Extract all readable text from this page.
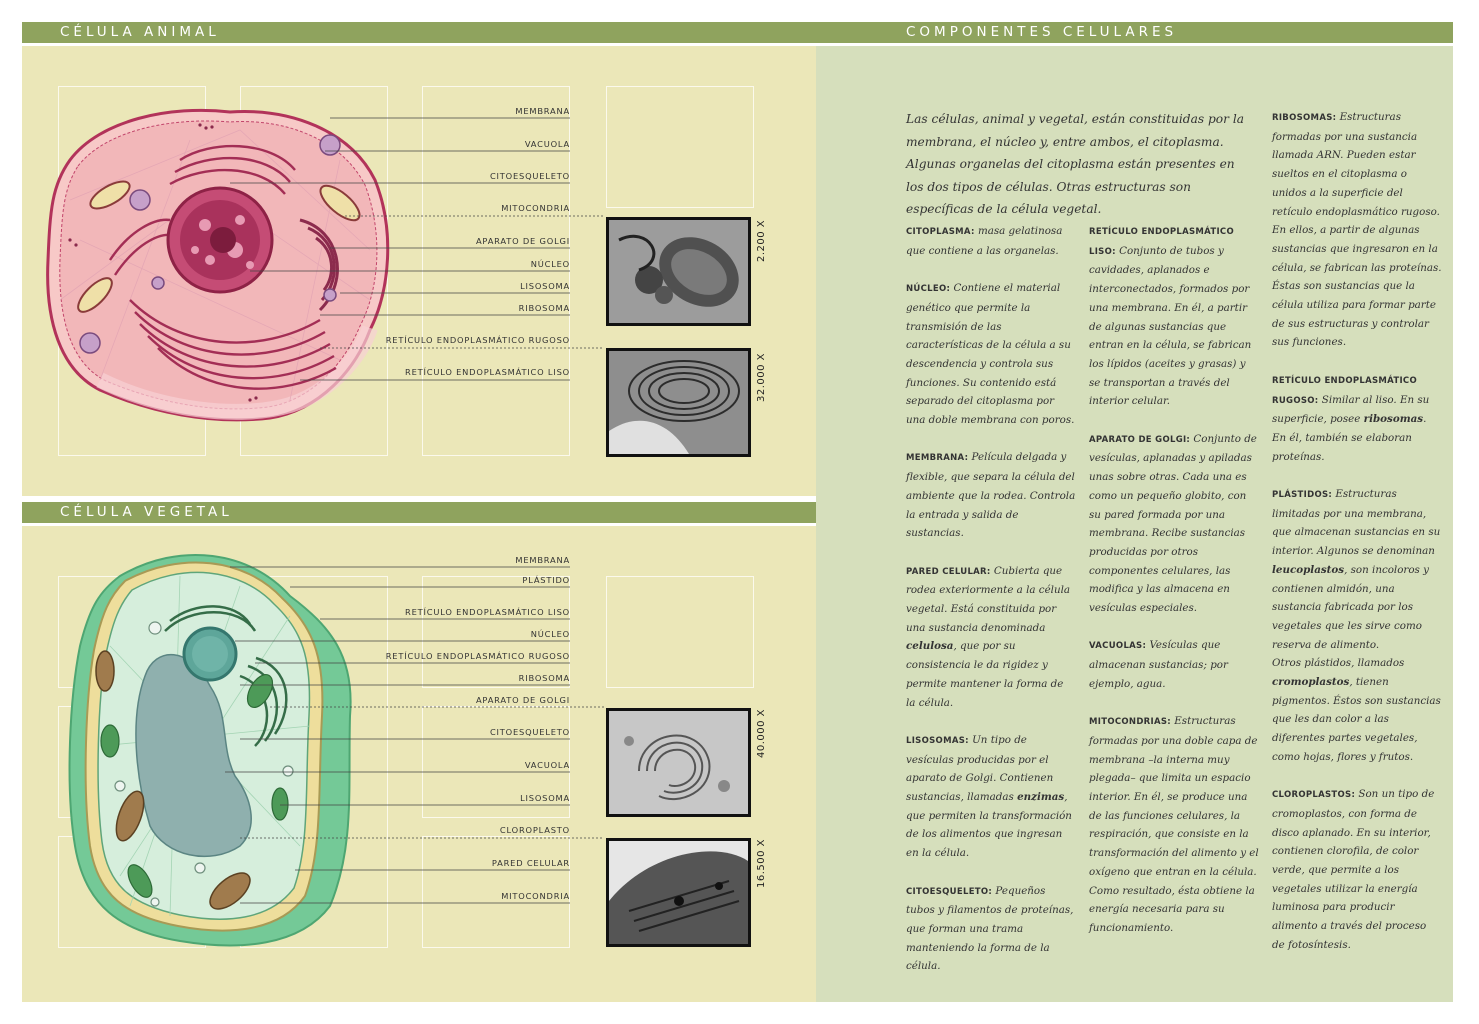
CÉLULA ANIMAL	COMPONENTES CELULARES
CÉLULA VEGETAL
MEMBRANA
VACUOLA
CITOESQUELETO
MITOCONDRIA
APARATO DE GOLGI
NÚCLEO
LISOSOMA
RIBOSOMA
RETÍCULO ENDOPLASMÁTICO RUGOSO
RETÍCULO ENDOPLASMÁTICO LISO
2.200 X
32.000 X
MEMBRANA
PLÁSTIDO
RETÍCULO ENDOPLASMÁTICO LISO
NÚCLEO
RETÍCULO ENDOPLASMÁTICO RUGOSO
RIBOSOMA
APARATO DE GOLGI
CITOESQUELETO
VACUOLA
LISOSOMA
CLOROPLASTO
PARED CELULAR
MITOCONDRIA
40.000 X
16.500 X
Las células, animal y vegetal, están constituidas por la membrana, el núcleo y, entre ambos, el citoplasma. Algunas organelas del citoplasma están presentes en los dos tipos de células. Otras estructuras son específicas de la célula vegetal.

CITOPLASMA: masa gelatinosa que contiene a las organelas.

NÚCLEO: Contiene el material genético que permite la transmisión de las características de la célula a su descendencia y controla sus funciones. Su contenido está separado del citoplasma por una doble membrana con poros.

MEMBRANA: Película delgada y flexible, que separa la célula del ambiente que la rodea. Controla la entrada y salida de sustancias.

PARED CELULAR: Cubierta que rodea exteriormente a la célula vegetal. Está constituida por una sustancia denominada celulosa, que por su consistencia le da rigidez y permite mantener la forma de la célula.

LISOSOMAS: Un tipo de vesículas producidas por el aparato de Golgi. Contienen sustancias, llamadas enzimas, que permiten la transformación de los alimentos que ingresan en la célula.

CITOESQUELETO: Pequeños tubos y filamentos de proteínas, que forman una trama manteniendo la forma de la célula.

RETÍCULO ENDOPLASMÁTICO LISO: Conjunto de tubos y cavidades, aplanados e interconectados, formados por una membrana. En él, a partir de algunas sustancias que entran en la célula, se fabrican los lípidos (aceites y grasas) y se transportan a través del interior celular.

APARATO DE GOLGI: Conjunto de vesículas, aplanadas y apiladas unas sobre otras. Cada una es como un pequeño globito, con su pared formada por una membrana. Recibe sustancias producidas por otros componentes celulares, las modifica y las almacena en vesículas especiales.

VACUOLAS: Vesículas que almacenan sustancias; por ejemplo, agua.

MITOCONDRIAS: Estructuras formadas por una doble capa de membrana –la interna muy plegada– que limita un espacio interior. En él, se produce una de las funciones celulares, la respiración, que consiste en la transformación del alimento y el oxígeno que entran en la célula. Como resultado, ésta obtiene la energía necesaria para su funcionamiento.

RIBOSOMAS: Estructuras formadas por una sustancia llamada ARN. Pueden estar sueltos en el citoplasma o unidos a la superficie del retículo endoplasmático rugoso. En ellos, a partir de algunas sustancias que ingresaron en la célula, se fabrican las proteínas. Éstas son sustancias que la célula utiliza para formar parte de sus estructuras y controlar sus funciones.

RETÍCULO ENDOPLASMÁTICO RUGOSO: Similar al liso. En su superficie, posee ribosomas. En él, también se elaboran proteínas.

PLÁSTIDOS: Estructuras limitadas por una membrana, que almacenan sustancias en su interior. Algunos se denominan leucoplastos, son incoloros y contienen almidón, una sustancia fabricada por los vegetales que les sirve como reserva de alimento.
Otros plástidos, llamados cromoplastos, tienen pigmentos. Éstos son sustancias que les dan color a las diferentes partes vegetales, como hojas, flores y frutos.

CLOROPLASTOS: Son un tipo de cromoplastos, con forma de disco aplanado. En su interior, contienen clorofila, de color verde, que permite a los vegetales utilizar la energía luminosa para producir alimento a través del proceso de fotosíntesis.
